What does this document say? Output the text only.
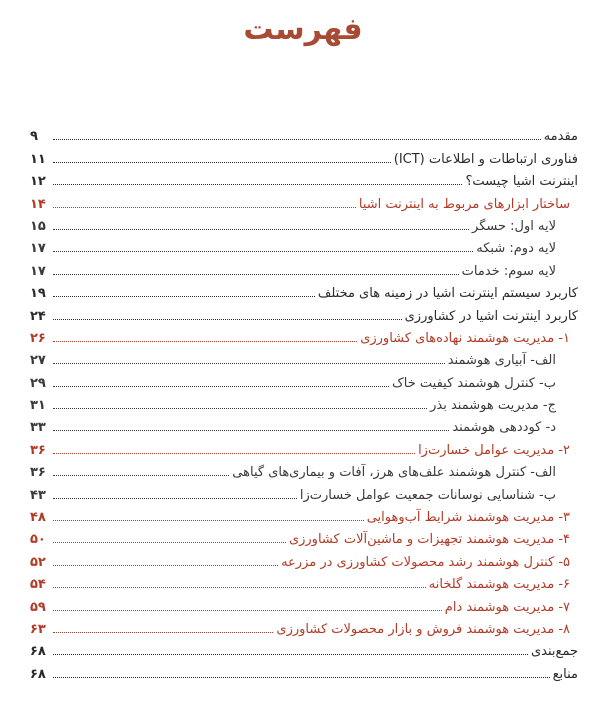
فهرست
مقدمه
۹
فناوری ارتباطات و اطلاعات (ICT)
۱۱
اینترنت اشیا چیست؟
۱۲
ساختار ابزارهای مربوط به اینترنت اشیا
۱۴
لایه اول: حسگر
۱۵
لایه دوم: شبکه
۱۷
لایه سوم: خدمات
۱۷
کاربرد سیستم اینترنت اشیا در زمینه های مختلف
۱۹
کاربرد اینترنت اشیا در کشاورزی
۲۴
۱- مدیریت هوشمند نهاده‌های کشاورزی
۲۶
الف- آبیاری هوشمند
۲۷
ب- کنترل هوشمند کیفیت خاک
۲۹
ج- مدیریت هوشمند بذر
۳۱
د- کوددهی هوشمند
۳۳
۲- مدیریت عوامل خسارت‌زا
۳۶
الف- کنترل هوشمند علف‌های هرز، آفات و بیماری‌های گیاهی
۳۶
ب- شناسایی نوسانات جمعیت عوامل خسارت‌زا
۴۳
۳- مدیریت هوشمند شرایط آب‌وهوایی
۴۸
۴- مدیریت هوشمند تجهیزات و ماشین‌آلات کشاورزی
۵۰
۵- کنترل هوشمند رشد محصولات کشاورزی در مزرعه
۵۲
۶- مدیریت هوشمند گلخانه
۵۴
۷- مدیریت هوشمند دام
۵۹
۸- مدیریت هوشمند فروش و بازار محصولات کشاورزی
۶۳
جمع‌بندی
۶۸
منابع
۶۸
